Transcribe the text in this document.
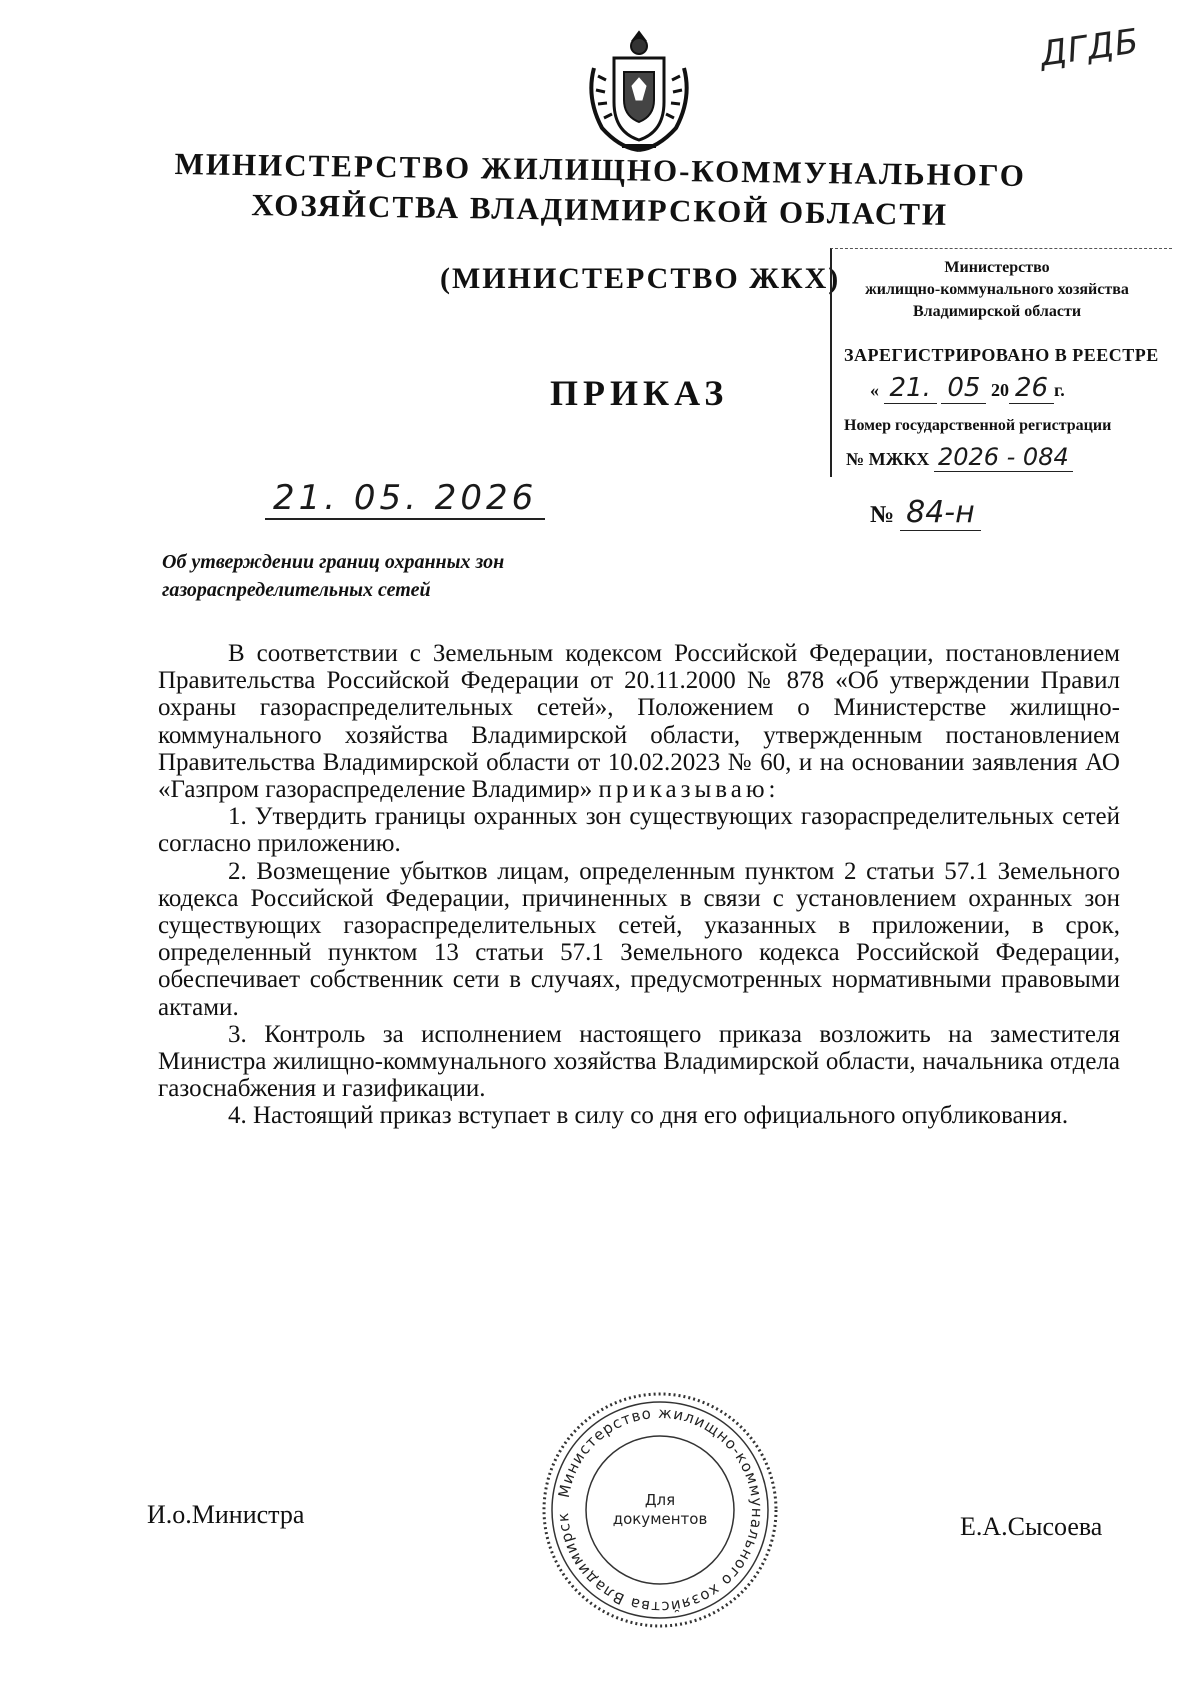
ДГДБ
МИНИСТЕРСТВО ЖИЛИЩНО-КОММУНАЛЬНОГО
ХОЗЯЙСТВА ВЛАДИМИРСКОЙ ОБЛАСТИ
(МИНИСТЕРСТВО ЖКХ)	Министерство
жилищно-коммунального хозяйства
Владимирской области
ЗАРЕГИСТРИРОВАНО В РЕЕСТРЕ
« 21. 05 20 26 г.
Номер государственной регистрации
№ МЖКХ 2026 - 084
ПРИКАЗ
21. 05. 2026	№ 84-н
Об утверждении границ охранных зон
газораспределительных сетей

В соответствии с Земельным кодексом Российской Федерации, постановлением Правительства Российской Федерации от 20.11.2000 № 878 «Об утверждении Правил охраны газораспределительных сетей», Положением о Министерстве жилищно-коммунального хозяйства Владимирской области, утвержденным постановлением Правительства Владимирской области от 10.02.2023 № 60, и на основании заявления АО «Газпром газораспределение Владимир» приказываю:

1. Утвердить границы охранных зон существующих газораспределительных сетей согласно приложению.

2. Возмещение убытков лицам, определенным пунктом 2 статьи 57.1 Земельного кодекса Российской Федерации, причиненных в связи с установлением охранных зон существующих газораспределительных сетей, указанных в приложении, в срок, определенный пунктом 13 статьи 57.1 Земельного кодекса Российской Федерации, обеспечивает собственник сети в случаях, предусмотренных нормативными правовыми актами.

3. Контроль за исполнением настоящего приказа возложить на заместителя Министра жилищно-коммунального хозяйства Владимирской области, начальника отдела газоснабжения и газификации.

4. Настоящий приказ вступает в силу со дня его официального опубликования.

Министерство жилищно-коммунального хозяйства Владимирск
Для
документов
И.о.Министра	Е.А.Сысоева
